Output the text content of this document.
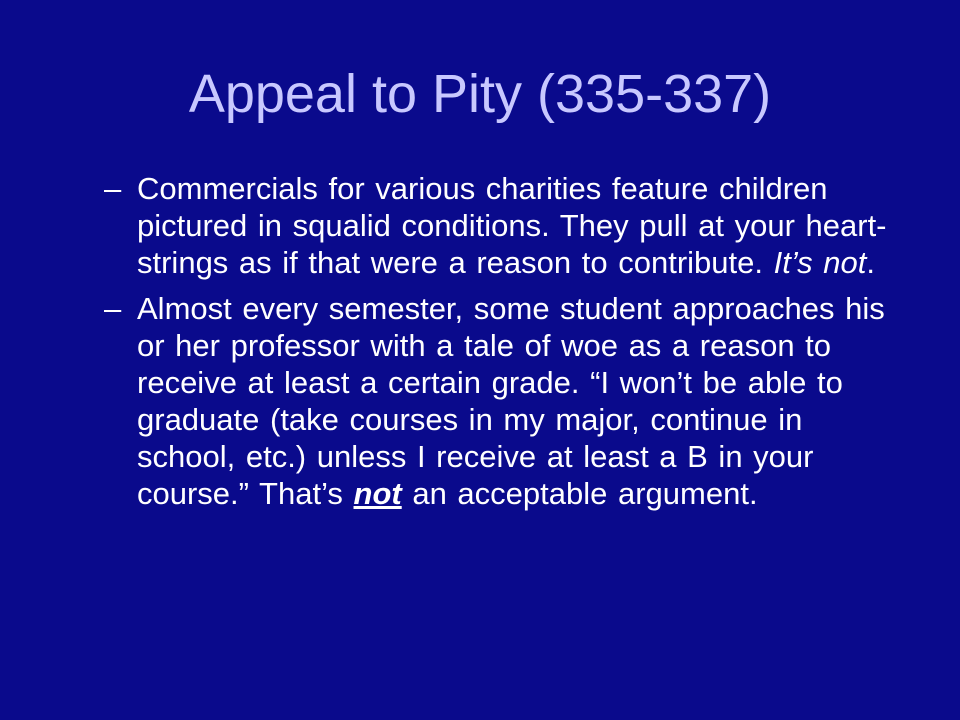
Appeal to Pity (335-337)
– Commercials for various charities feature children pictured in squalid conditions. They pull at your heart-strings as if that were a reason to contribute. It’s not.
– Almost every semester, some student approaches his or her professor with a tale of woe as a reason to receive at least a certain grade. “I won’t be able to graduate (take courses in my major, continue in school, etc.) unless I receive at least a B in your course.” That’s not an acceptable argument.
